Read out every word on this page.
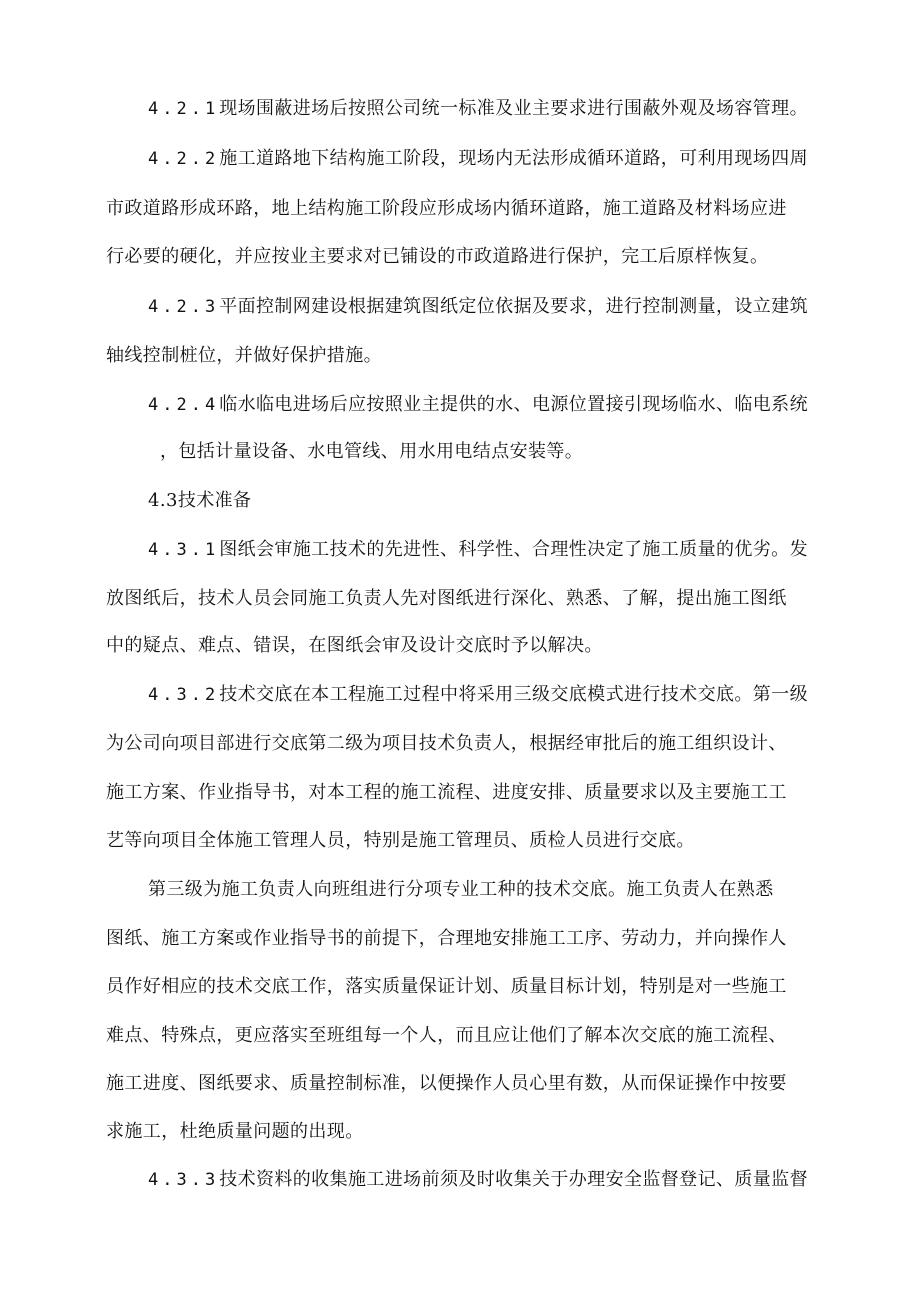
4.2.1现场围蔽进场后按照公司统一标准及业主要求进行围蔽外观及场容管理。
4.2.2施工道路地下结构施工阶段，现场内无法形成循环道路，可利用现场四周
市政道路形成环路，地上结构施工阶段应形成场内循环道路，施工道路及材料场应进
行必要的硬化，并应按业主要求对已铺设的市政道路进行保护，完工后原样恢复。
4.2.3平面控制网建设根据建筑图纸定位依据及要求，进行控制测量，设立建筑
轴线控制桩位，并做好保护措施。
4.2.4临水临电进场后应按照业主提供的水、电源位置接引现场临水、临电系统
，包括计量设备、水电管线、用水用电结点安装等。
4.3技术准备
4.3.1图纸会审施工技术的先进性、科学性、合理性决定了施工质量的优劣。发
放图纸后，技术人员会同施工负责人先对图纸进行深化、熟悉、了解，提出施工图纸
中的疑点、难点、错误，在图纸会审及设计交底时予以解决。
4.3.2技术交底在本工程施工过程中将采用三级交底模式进行技术交底。第一级
为公司向项目部进行交底第二级为项目技术负责人，根据经审批后的施工组织设计、
施工方案、作业指导书，对本工程的施工流程、进度安排、质量要求以及主要施工工
艺等向项目全体施工管理人员，特别是施工管理员、质检人员进行交底。
第三级为施工负责人向班组进行分项专业工种的技术交底。施工负责人在熟悉
图纸、施工方案或作业指导书的前提下，合理地安排施工工序、劳动力，并向操作人
员作好相应的技术交底工作，落实质量保证计划、质量目标计划，特别是对一些施工
难点、特殊点，更应落实至班组每一个人，而且应让他们了解本次交底的施工流程、
施工进度、图纸要求、质量控制标准，以便操作人员心里有数，从而保证操作中按要
求施工，杜绝质量问题的出现。
4.3.3技术资料的收集施工进场前须及时收集关于办理安全监督登记、质量监督
